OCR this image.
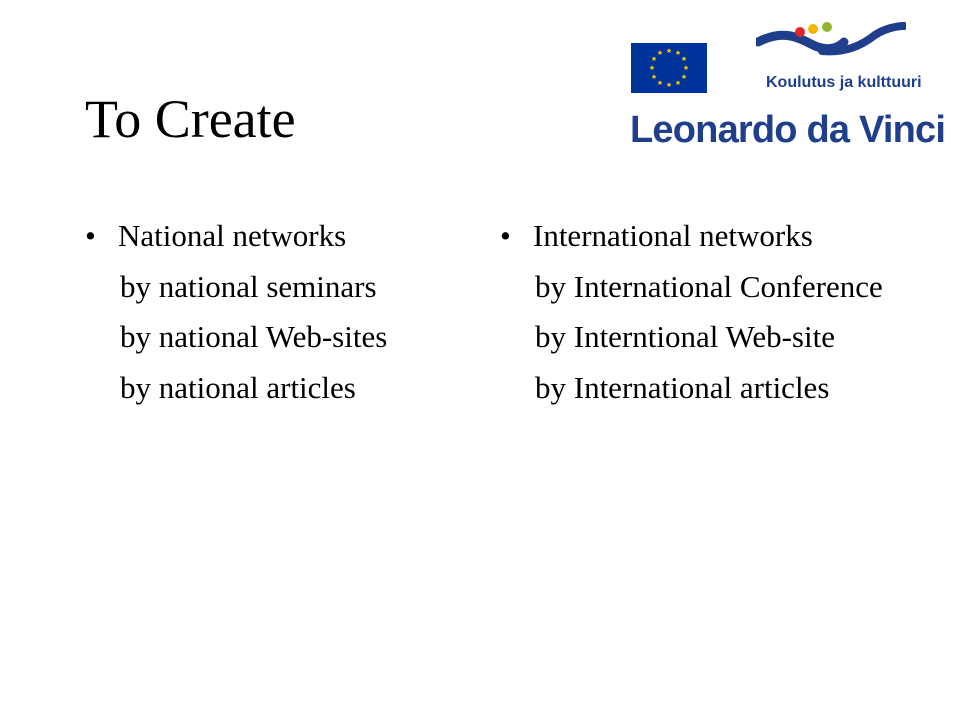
To Create
★ ★
★
★
★
★
★
★
★
★
★
★
Koulutus ja kulttuuri
Leonardo da Vinci
• National networks
by national seminars
by national Web-sites
by national articles
• International networks
by International Conference
by Interntional Web-site
by International articles
